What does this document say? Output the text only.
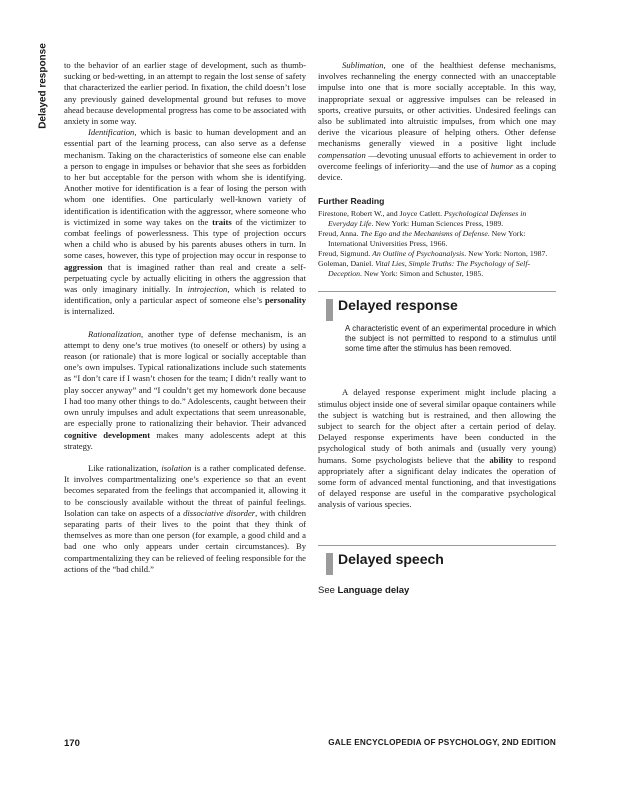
Delayed response to the behavior of an earlier stage of development, such as thumb-sucking or bed-wetting, in an attempt to regain the lost sense of safety that characterized the earlier period. In fixation, the child doesn’t lose any previously gained developmental ground but refuses to move ahead because developmental progress has come to be associated with anxiety in some way.

Identification, which is basic to human development and an essential part of the learning process, can also serve as a defense mechanism. Taking on the characteristics of someone else can enable a person to engage in impulses or behavior that she sees as forbidden to her but acceptable for the person with whom she is identifying. Another motive for identification is a fear of losing the person with whom one identifies. One particularly well-known variety of identification is identification with the aggressor, where someone who is victimized in some way takes on the traits of the victimizer to combat feelings of powerlessness. This type of projection occurs when a child who is abused by his parents abuses others in turn. In some cases, however, this type of projection may occur in response to aggression that is imagined rather than real and create a self-perpetuating cycle by actually eliciting in others the aggression that was only imaginary initially. In introjection, which is related to identification, only a particular aspect of someone else’s personality is internalized.

Rationalization, another type of defense mechanism, is an attempt to deny one’s true motives (to oneself or others) by using a reason (or rationale) that is more logical or socially acceptable than one’s own impulses. Typical rationalizations include such statements as “I don’t care if I wasn’t chosen for the team; I didn’t really want to play soccer anyway” and “I couldn’t get my homework done because I had too many other things to do.” Adolescents, caught between their own unruly impulses and adult expectations that seem unreasonable, are especially prone to rationalizing their behavior. Their advanced cognitive development makes many adolescents adept at this strategy.

Like rationalization, isolation is a rather complicated defense. It involves compartmentalizing one’s experience so that an event becomes separated from the feelings that accompanied it, allowing it to be consciously available without the threat of painful feelings. Isolation can take on aspects of a dissociative disorder, with children separating parts of their lives to the point that they think of themselves as more than one person (for example, a good child and a bad one who only appears under certain circumstances). By compartmentalizing they can be relieved of feeling responsible for the actions of the “bad child.”

Sublimation, one of the healthiest defense mechanisms, involves rechanneling the energy connected with an unacceptable impulse into one that is more socially acceptable. In this way, inappropriate sexual or aggressive impulses can be released in sports, creative pursuits, or other activities. Undesired feelings can also be sublimated into altruistic impulses, from which one may derive the vicarious pleasure of helping others. Other defense mechanisms generally viewed in a positive light include compensation —devoting unusual efforts to achievement in order to overcome feelings of inferiority—and the use of humor as a coping device.

Further Reading

Firestone, Robert W., and Joyce Catlett. Psychological Defenses in Everyday Life. New York: Human Sciences Press, 1989.

Freud, Anna. The Ego and the Mechanisms of Defense. New York: International Universities Press, 1966.

Freud, Sigmund. An Outline of Psychoanalysis. New York: Norton, 1987.

Goleman, Daniel. Vital Lies, Simple Truths: The Psychology of Self-Deception. New York: Simon and Schuster, 1985.

Delayed response
A characteristic event of an experimental procedure in which the subject is not permitted to respond to a stimulus until some time after the stimulus has been removed.

A delayed response experiment might include placing a stimulus object inside one of several similar opaque containers while the subject is watching but is restrained, and then allowing the subject to search for the object after a certain period of delay. Delayed response experiments have been conducted in the psychological study of both animals and (usually very young) humans. Some psychologists believe that the ability to respond appropriately after a significant delay indicates the operation of some form of advanced mental functioning, and that investigations of delayed response are useful in the comparative psychological analysis of various species.

Delayed speech
See Language delay
170	GALE ENCYCLOPEDIA OF PSYCHOLOGY, 2ND EDITION
